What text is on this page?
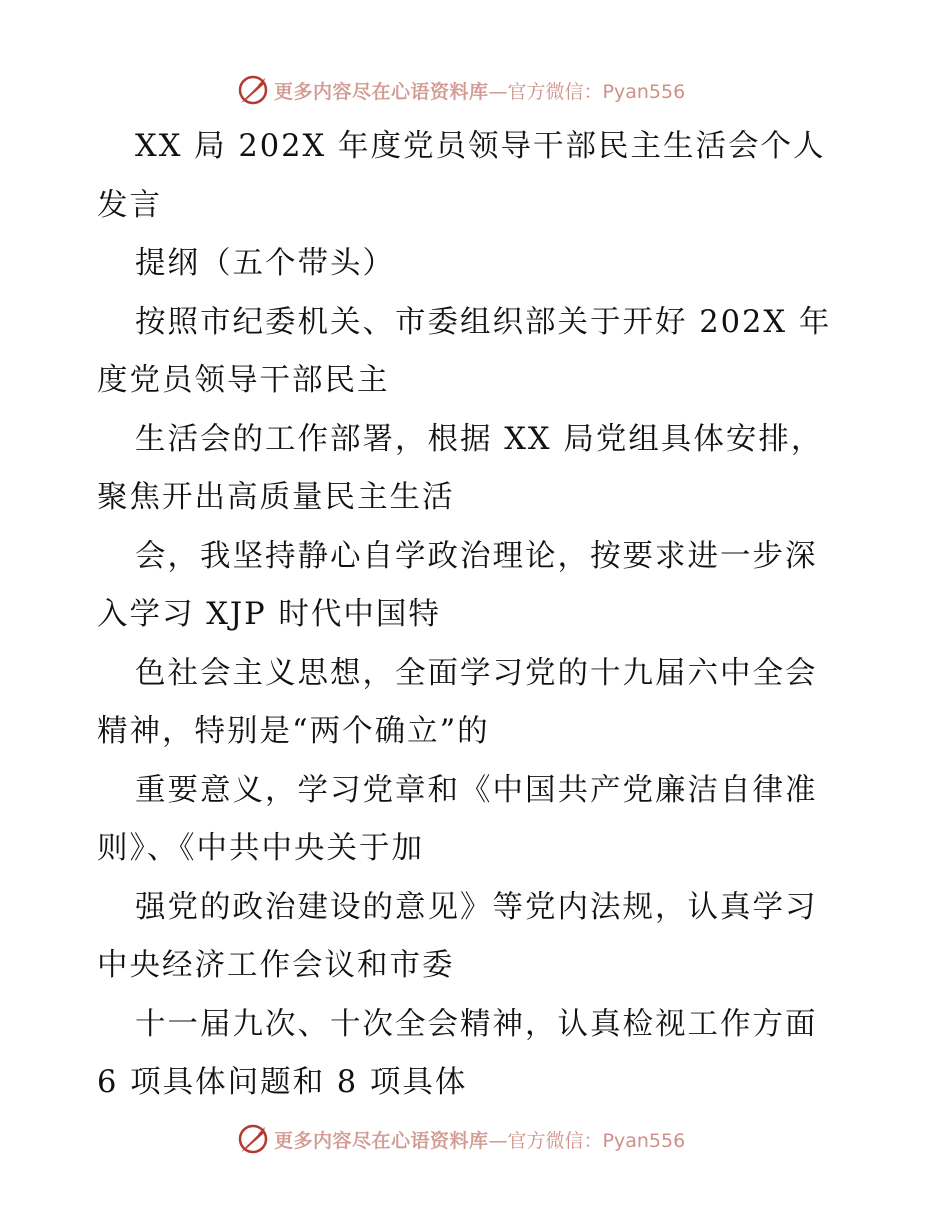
更多内容尽在心语资料库 —官方微信：Pyan556
XX 局 202X 年度党员领导干部民主生活会个人
发言
提纲（五个带头）
按照市纪委机关、市委组织部关于开好 202X 年
度党员领导干部民主
生活会的工作部署，根据 XX 局党组具体安排，
聚焦开出高质量民主生活
会，我坚持静心自学政治理论，按要求进一步深
入学习 XJP 时代中国特
色社会主义思想，全面学习党的十九届六中全会
精神，特别是“两个确立”的
重要意义，学习党章和《中国共产党廉洁自律准
则》、《中共中央关于加
强党的政治建设的意见》等党内法规，认真学习
中央经济工作会议和市委
十一届九次、十次全会精神，认真检视工作方面
6 项具体问题和 8 项具体
更多内容尽在心语资料库 —官方微信：Pyan556
